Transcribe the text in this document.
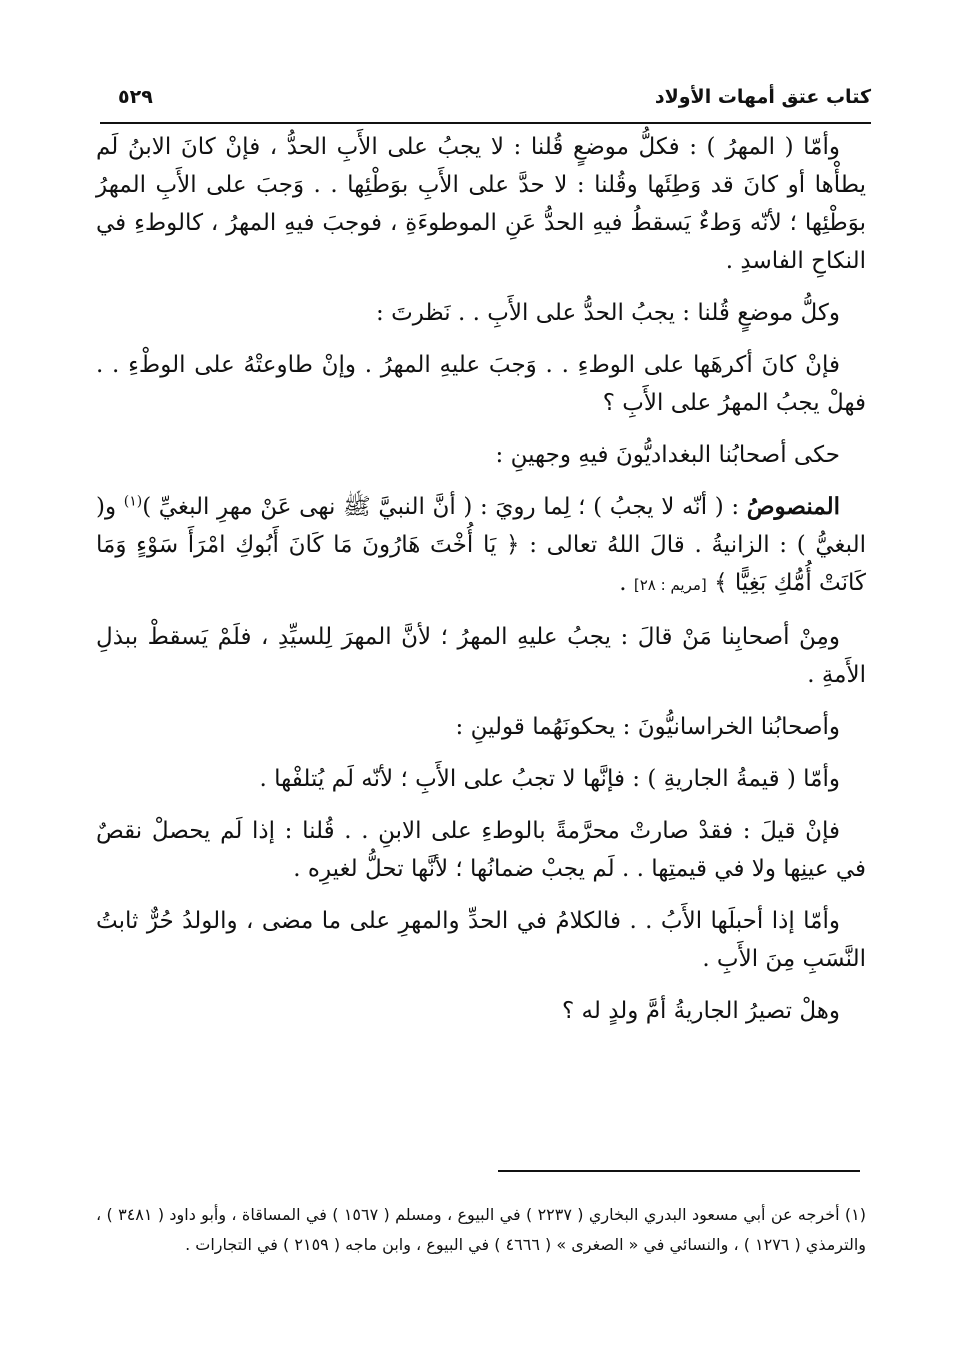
كتاب عتق أمهات الأولاد
٥٢٩

وأمّا ( المهرُ ) : فكلُّ موضعٍ قُلنا : لا يجبُ على الأَبِ الحدُّ ، فإنْ كانَ الابنُ لَم يطأْها أو كانَ قد وَطِئَها وقُلنا : لا حدَّ على الأَبِ بوَطْئِها . . وَجبَ على الأَبِ المهرُ بوَطْئِها ؛ لأنّه وَطءٌ يَسقطُ فيهِ الحدُّ عَنِ الموطوءَةِ ، فوجبَ فيهِ المهرُ ، كالوطءِ في النكاحِ الفاسدِ .

وكلُّ موضعٍ قُلنا : يجبُ الحدُّ على الأَبِ . . نَظرتَ :

فإنْ كانَ أكرهَها على الوطءِ . . وَجبَ عليهِ المهرُ . وإنْ طاوعتْهُ على الوطْءِ . . فهلْ يجبُ المهرُ على الأَبِ ؟

حكى أصحابُنا البغداديُّونَ فيهِ وجهينِ :

المنصوصُ : ( أنّه لا يجبُ ) ؛ لِما رويَ : ( أنَّ النبيَّ ﷺ نهى عَنْ مهرِ البغيِّ )$^{(١)}$ و( البغيُّ ) : الزانيةُ . قالَ اللهُ تعالى : ﴿ يَا أُخْتَ هَارُونَ مَا كَانَ أَبُوكِ امْرَأَ سَوْءٍ وَمَا كَانَتْ أُمُّكِ بَغِيًّا ﴾ [مريم : ٢٨] .

ومِنْ أصحابِنا مَنْ قالَ : يجبُ عليهِ المهرُ ؛ لأنَّ المهرَ لِلسيِّدِ ، فلَمْ يَسقطْ ببذلِ الأَمةِ .

وأصحابُنا الخراسانيُّونَ : يحكونَهُما قولينِ :

وأمّا ( قيمةُ الجاريةِ ) : فإنَّها لا تجبُ على الأَبِ ؛ لأنّه لَم يُتلفْها .

فإنْ قيلَ : فقدْ صارتْ محرَّمةً بالوطءِ على الابنِ . . قُلنا : إذا لَم يحصلْ نقصٌ في عينِها ولا في قيمتِها . . لَم يجبْ ضمانُها ؛ لأنَّها تحلُّ لغيرِه .

وأمّا إذا أحبلَها الأَبُ . . فالكلامُ في الحدِّ والمهرِ على ما مضى ، والولدُ حُرٌّ ثابتُ النَّسَبِ مِنَ الأَبِ .

وهلْ تصيرُ الجاريةُ أمَّ ولدٍ له ؟

(١) أخرجه عن أبي مسعود البدري البخاري ( ٢٢٣٧ ) في البيوع ، ومسلم ( ١٥٦٧ ) في المساقاة ، وأبو داود ( ٣٤٨١ ) ، والترمذي ( ١٢٧٦ ) ، والنسائي في « الصغرى » ( ٤٦٦٦ ) في البيوع ، وابن ماجه ( ٢١٥٩ ) في التجارات .
